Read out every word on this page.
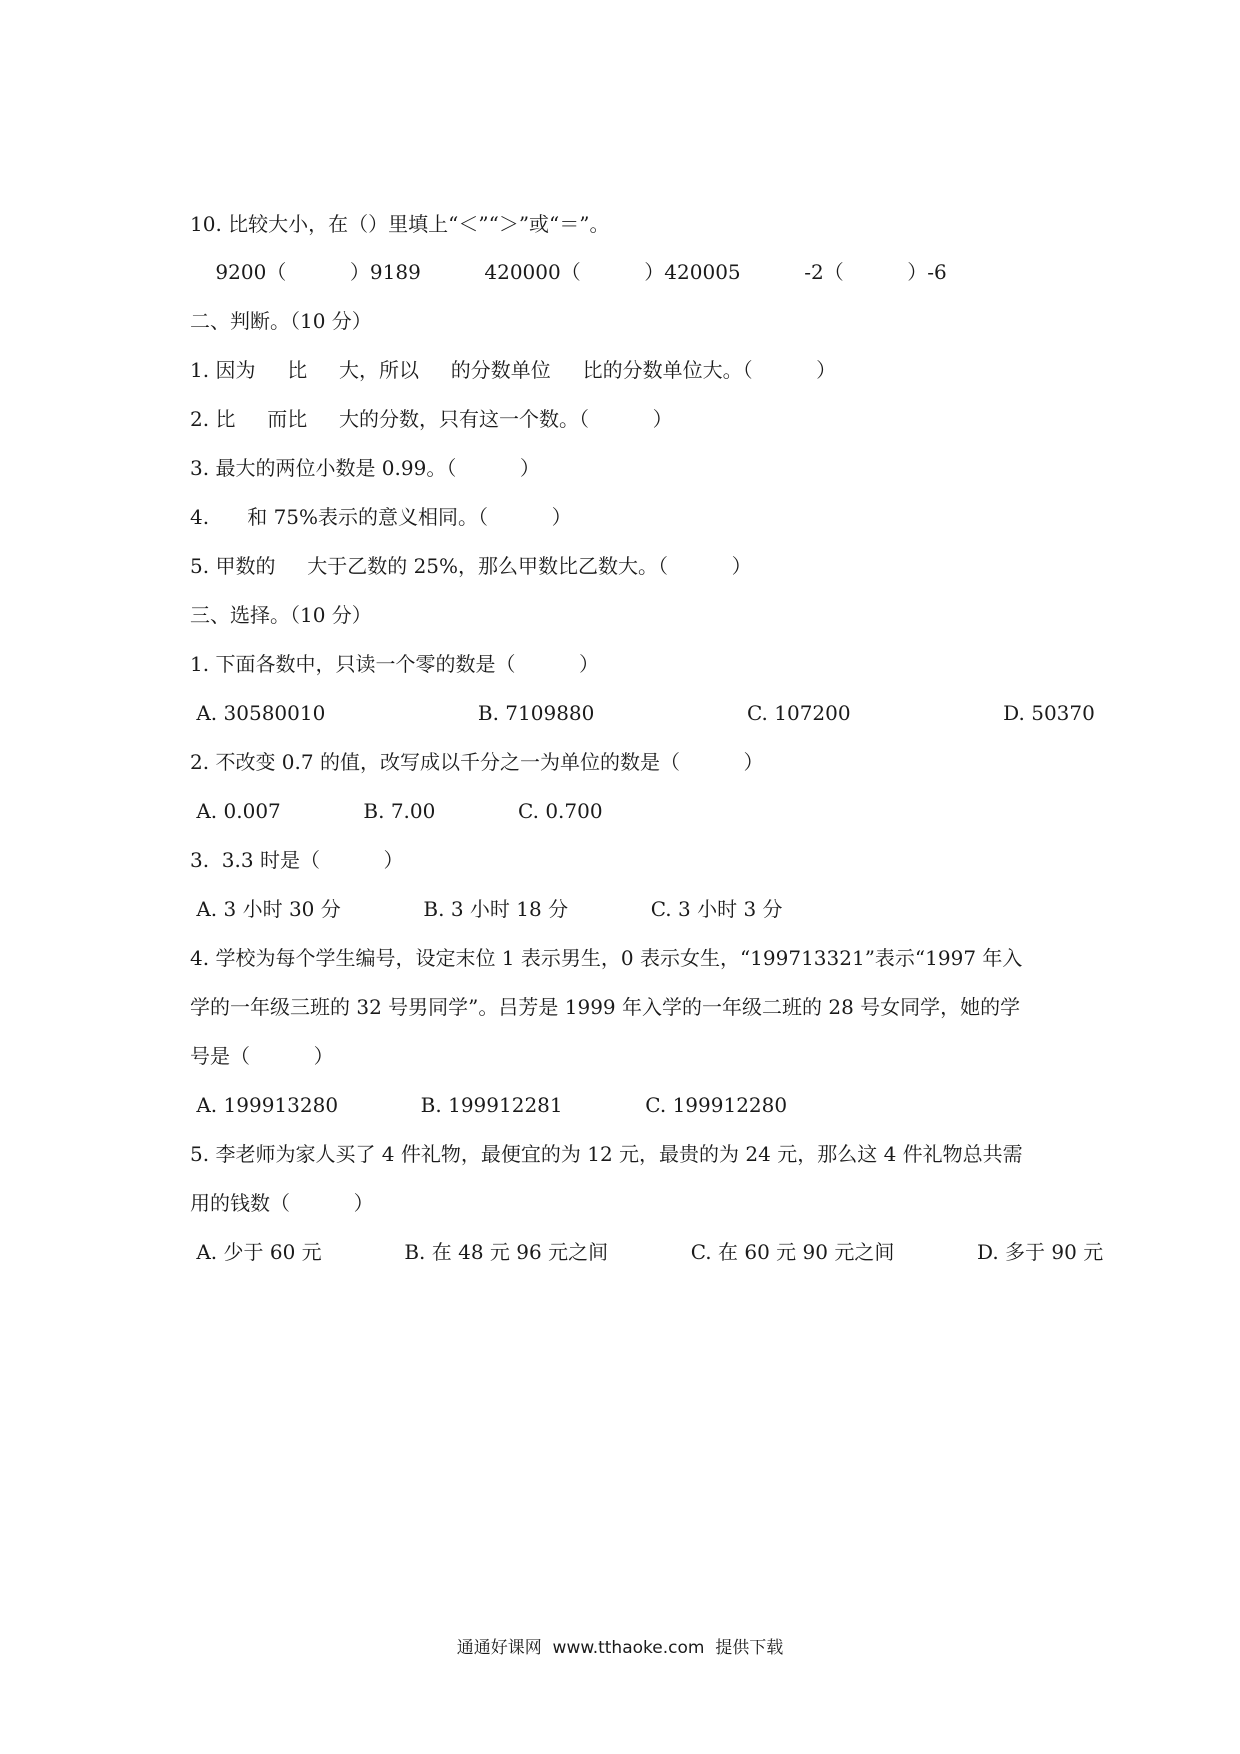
10. 比较大小，在（）里填上“＜”“＞”或“＝”。
9200（          ）9189          420000（          ）420005          -2（          ）-6
二、判断。（10 分）
1. 因为     比     大，所以     的分数单位     比的分数单位大。（          ）
2. 比     而比     大的分数，只有这一个数。（          ）
3. 最大的两位小数是 0.99。（          ）
4.      和 75%表示的意义相同。（          ）
5. 甲数的     大于乙数的 25%，那么甲数比乙数大。（          ）
三、选择。（10 分）
1. 下面各数中，只读一个零的数是（          ）
A. 30580010                        B. 7109880                        C. 107200                        D. 50370
2. 不改变 0.7 的值，改写成以千分之一为单位的数是（          ）
A. 0.007             B. 7.00             C. 0.700
3.  3.3 时是（          ）
A. 3 小时 30 分             B. 3 小时 18 分             C. 3 小时 3 分
4. 学校为每个学生编号，设定末位 1 表示男生，0 表示女生，“199713321”表示“1997 年入
学的一年级三班的 32 号男同学”。吕芳是 1999 年入学的一年级二班的 28 号女同学，她的学
号是（          ）
A. 199913280             B. 199912281             C. 199912280
5. 李老师为家人买了 4 件礼物，最便宜的为 12 元，最贵的为 24 元，那么这 4 件礼物总共需
用的钱数（          ）
A. 少于 60 元             B. 在 48 元 96 元之间             C. 在 60 元 90 元之间             D. 多于 90 元
通通好课网  www.tthaoke.com  提供下载
